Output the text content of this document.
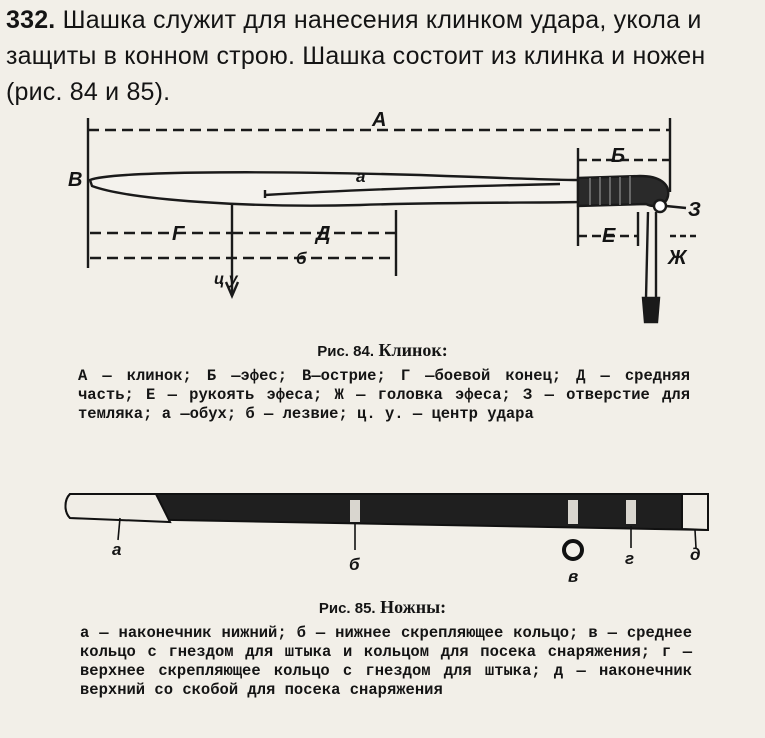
332. Шашка служит для нанесения клинком удара, укола и защиты в конном строю. Шашка состоит из клинка и ножен (рис. 84 и 85).
А
Б
В	а
З
Г	Д	Е
Ж
б
ц у
а
б
в
г	д
Рис. 84. Клинок:
А — клинок; Б —эфес; В—острие; Г —боевой конец; Д — средняя часть; Е — рукоять эфеса; Ж — головка эфеса; З — отверстие для темляка; а —обух; б — лезвие; ц. у. — центр удара
Рис. 85. Ножны:
а — наконечник нижний; б — нижнее скрепляющее кольцо; в — среднее кольцо с гнездом для штыка и кольцом для посека снаряжения; г — верхнее скрепляющее кольцо с гнездом для штыка; д — наконечник верхний со скобой для посека снаряжения
